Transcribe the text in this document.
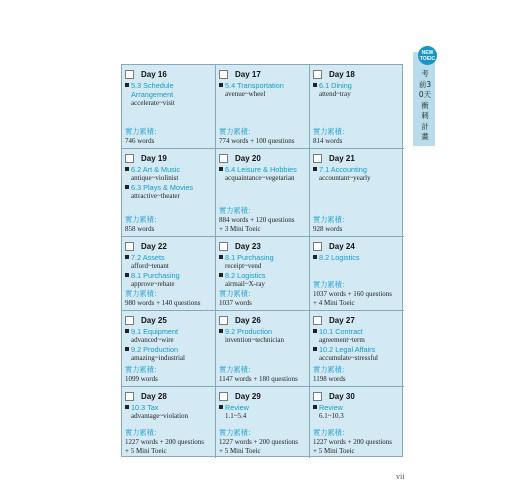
Day 16
5.3 Schedule
Arrangement
accelerate~visit
實力累積：
746 words
Day 17
5.4 Transportation
avenue~wheel
實力累積：
774 words + 100 questions
Day 18
6.1 Dining
attend~tray
實力累積：
814 words
Day 19
6.2 Art & Music
antique~violinist
6.3 Plays & Movies
attractive~theater
實力累積：
858 words
Day 20
6.4 Leisure & Hobbies
acquaintance~vegetarian
實力累積：
884 words + 120 questions
+ 3 Mini Toeic
Day 21
7.1 Accounting
accountant~yearly
實力累積：
928 words
Day 22
7.2 Assets
afford~tenant
8.1 Purchasing
approve~rebate
實力累積：
980 words + 140 questions
Day 23
8.1 Purchasing
receipt~vend
8.2 Logistics
airmail~X-ray
實力累積：
1037 words
Day 24
8.2 Logistics
實力累積：
1037 words + 160 questions
+ 4 Mini Toeic
Day 25
9.1 Equipment
advanced~wire
9.2 Production
amazing~industrial
實力累積：
1099 words
Day 26
9.2 Production
invention~technician
實力累積：
1147 words + 180 questions
Day 27
10.1 Contract
agreement~term
10.2 Legal Affairs
accumulate~stressful
實力累積：
1198 words
Day 28
10.3 Tax
advantage~violation
實力累積：
1227 words + 200 questions
+ 5 Mini Toeic
Day 29
Review
1.1~5.4
實力累積：
1227 words + 200 questions
+ 5 Mini Toeic
Day 30
Review
6.1~10.3
實力累積：
1227 words + 200 questions
+ 5 Mini Toeic
NEW
TOEIC
考前30天衝刺計畫
vii
